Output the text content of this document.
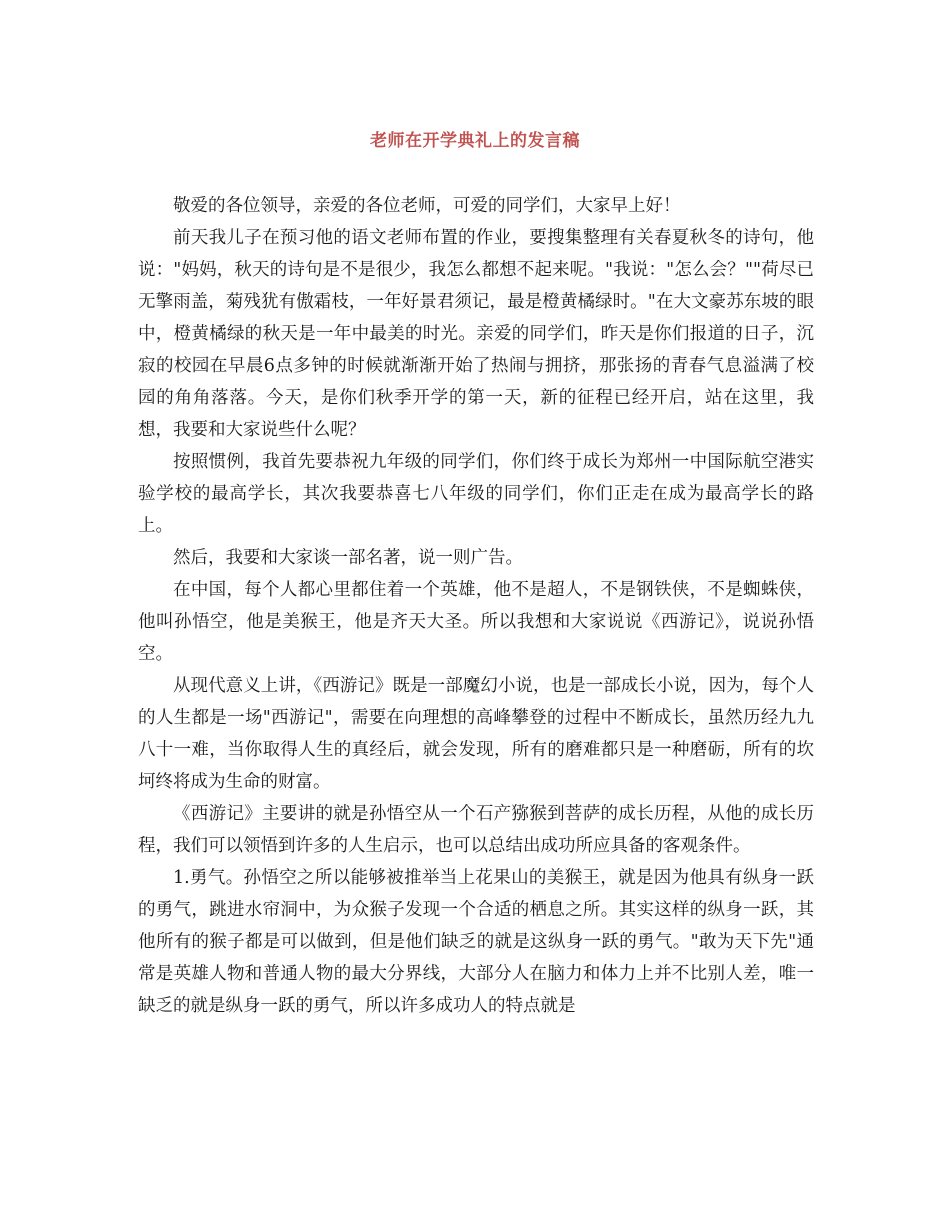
老师在开学典礼上的发言稿

敬爱的各位领导，亲爱的各位老师，可爱的同学们，大家早上好！

前天我儿子在预习他的语文老师布置的作业，要搜集整理有关春夏秋冬的诗句，他说："妈妈，秋天的诗句是不是很少，我怎么都想不起来呢。"我说："怎么会？""荷尽已无擎雨盖，菊残犹有傲霜枝，一年好景君须记，最是橙黄橘绿时。"在大文豪苏东坡的眼中，橙黄橘绿的秋天是一年中最美的时光。亲爱的同学们，昨天是你们报道的日子，沉寂的校园在早晨6点多钟的时候就渐渐开始了热闹与拥挤，那张扬的青春气息溢满了校园的角角落落。今天，是你们秋季开学的第一天，新的征程已经开启，站在这里，我想，我要和大家说些什么呢？

按照惯例，我首先要恭祝九年级的同学们，你们终于成长为郑州一中国际航空港实验学校的最高学长，其次我要恭喜七八年级的同学们，你们正走在成为最高学长的路上。

然后，我要和大家谈一部名著，说一则广告。

在中国，每个人都心里都住着一个英雄，他不是超人，不是钢铁侠，不是蜘蛛侠，他叫孙悟空，他是美猴王，他是齐天大圣。所以我想和大家说说《西游记》，说说孙悟空。

从现代意义上讲，《西游记》既是一部魔幻小说，也是一部成长小说，因为，每个人的人生都是一场"西游记"，需要在向理想的高峰攀登的过程中不断成长，虽然历经九九八十一难，当你取得人生的真经后，就会发现，所有的磨难都只是一种磨砺，所有的坎坷终将成为生命的财富。

《西游记》主要讲的就是孙悟空从一个石产猕猴到菩萨的成长历程，从他的成长历程，我们可以领悟到许多的人生启示，也可以总结出成功所应具备的客观条件。

1.勇气。孙悟空之所以能够被推举当上花果山的美猴王，就是因为他具有纵身一跃的勇气，跳进水帘洞中，为众猴子发现一个合适的栖息之所。其实这样的纵身一跃，其他所有的猴子都是可以做到，但是他们缺乏的就是这纵身一跃的勇气。"敢为天下先"通常是英雄人物和普通人物的最大分界线，大部分人在脑力和体力上并不比别人差，唯一缺乏的就是纵身一跃的勇气，所以许多成功人的特点就是
